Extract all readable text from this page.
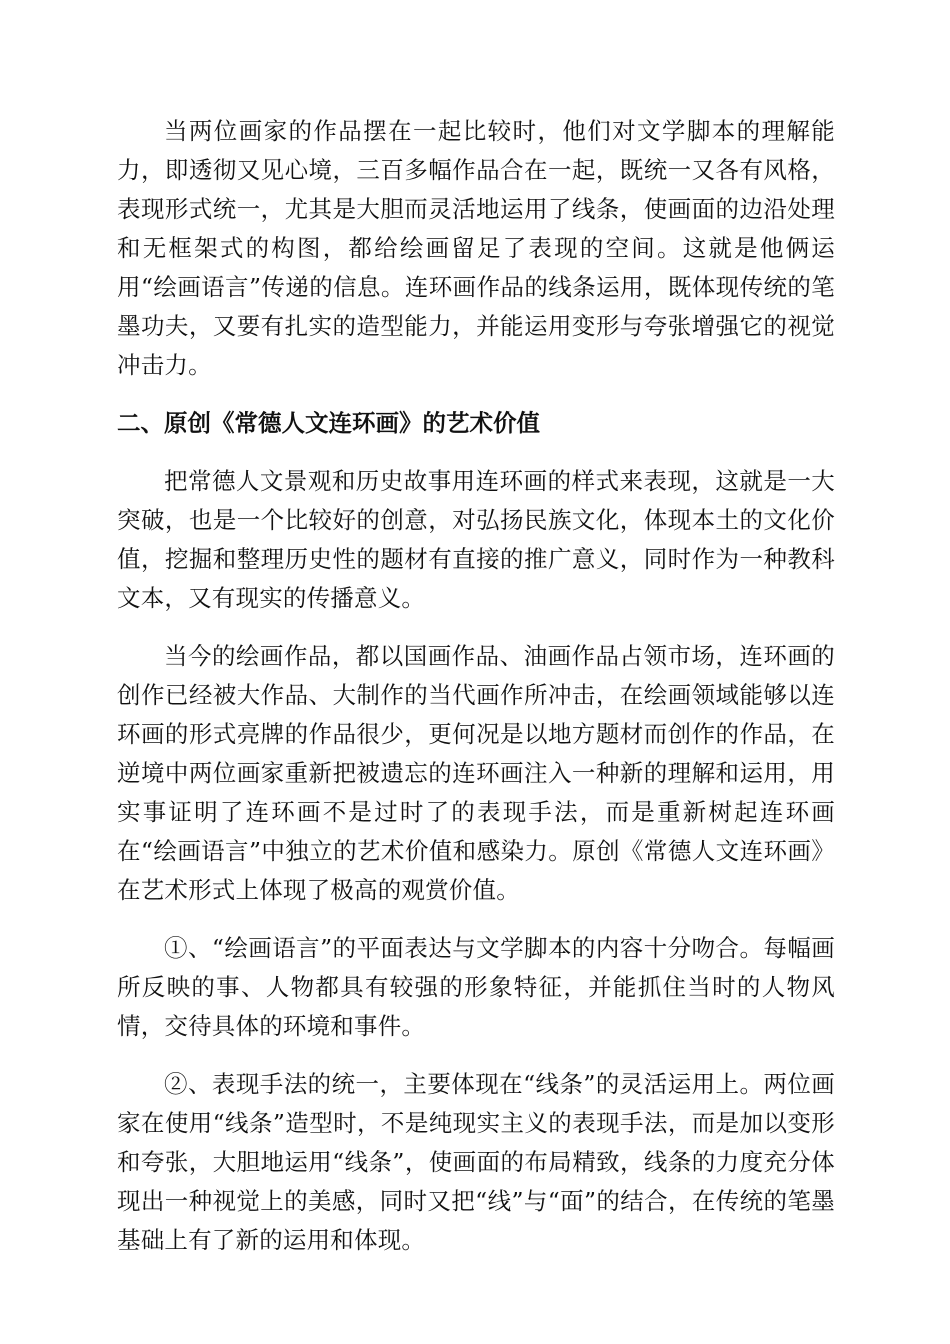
当两位画家的作品摆在一起比较时，他们对文学脚本的理解能力，即透彻又见心境，三百多幅作品合在一起，既统一又各有风格，表现形式统一，尤其是大胆而灵活地运用了线条，使画面的边沿处理和无框架式的构图，都给绘画留足了表现的空间。这就是他俩运用“绘画语言”传递的信息。连环画作品的线条运用，既体现传统的笔墨功夫，又要有扎实的造型能力，并能运用变形与夸张增强它的视觉冲击力。

二、原创《常德人文连环画》的艺术价值

把常德人文景观和历史故事用连环画的样式来表现，这就是一大突破，也是一个比较好的创意，对弘扬民族文化，体现本土的文化价值，挖掘和整理历史性的题材有直接的推广意义，同时作为一种教科文本，又有现实的传播意义。

当今的绘画作品，都以国画作品、油画作品占领市场，连环画的创作已经被大作品、大制作的当代画作所冲击，在绘画领域能够以连环画的形式亮牌的作品很少，更何况是以地方题材而创作的作品，在逆境中两位画家重新把被遗忘的连环画注入一种新的理解和运用，用实事证明了连环画不是过时了的表现手法，而是重新树起连环画在“绘画语言”中独立的艺术价值和感染力。原创《常德人文连环画》在艺术形式上体现了极高的观赏价值。

①、“绘画语言”的平面表达与文学脚本的内容十分吻合。每幅画所反映的事、人物都具有较强的形象特征，并能抓住当时的人物风情，交待具体的环境和事件。

②、表现手法的统一，主要体现在“线条”的灵活运用上。两位画家在使用“线条”造型时，不是纯现实主义的表现手法，而是加以变形和夸张，大胆地运用“线条”，使画面的布局精致，线条的力度充分体现出一种视觉上的美感，同时又把“线”与“面”的结合，在传统的笔墨基础上有了新的运用和体现。
